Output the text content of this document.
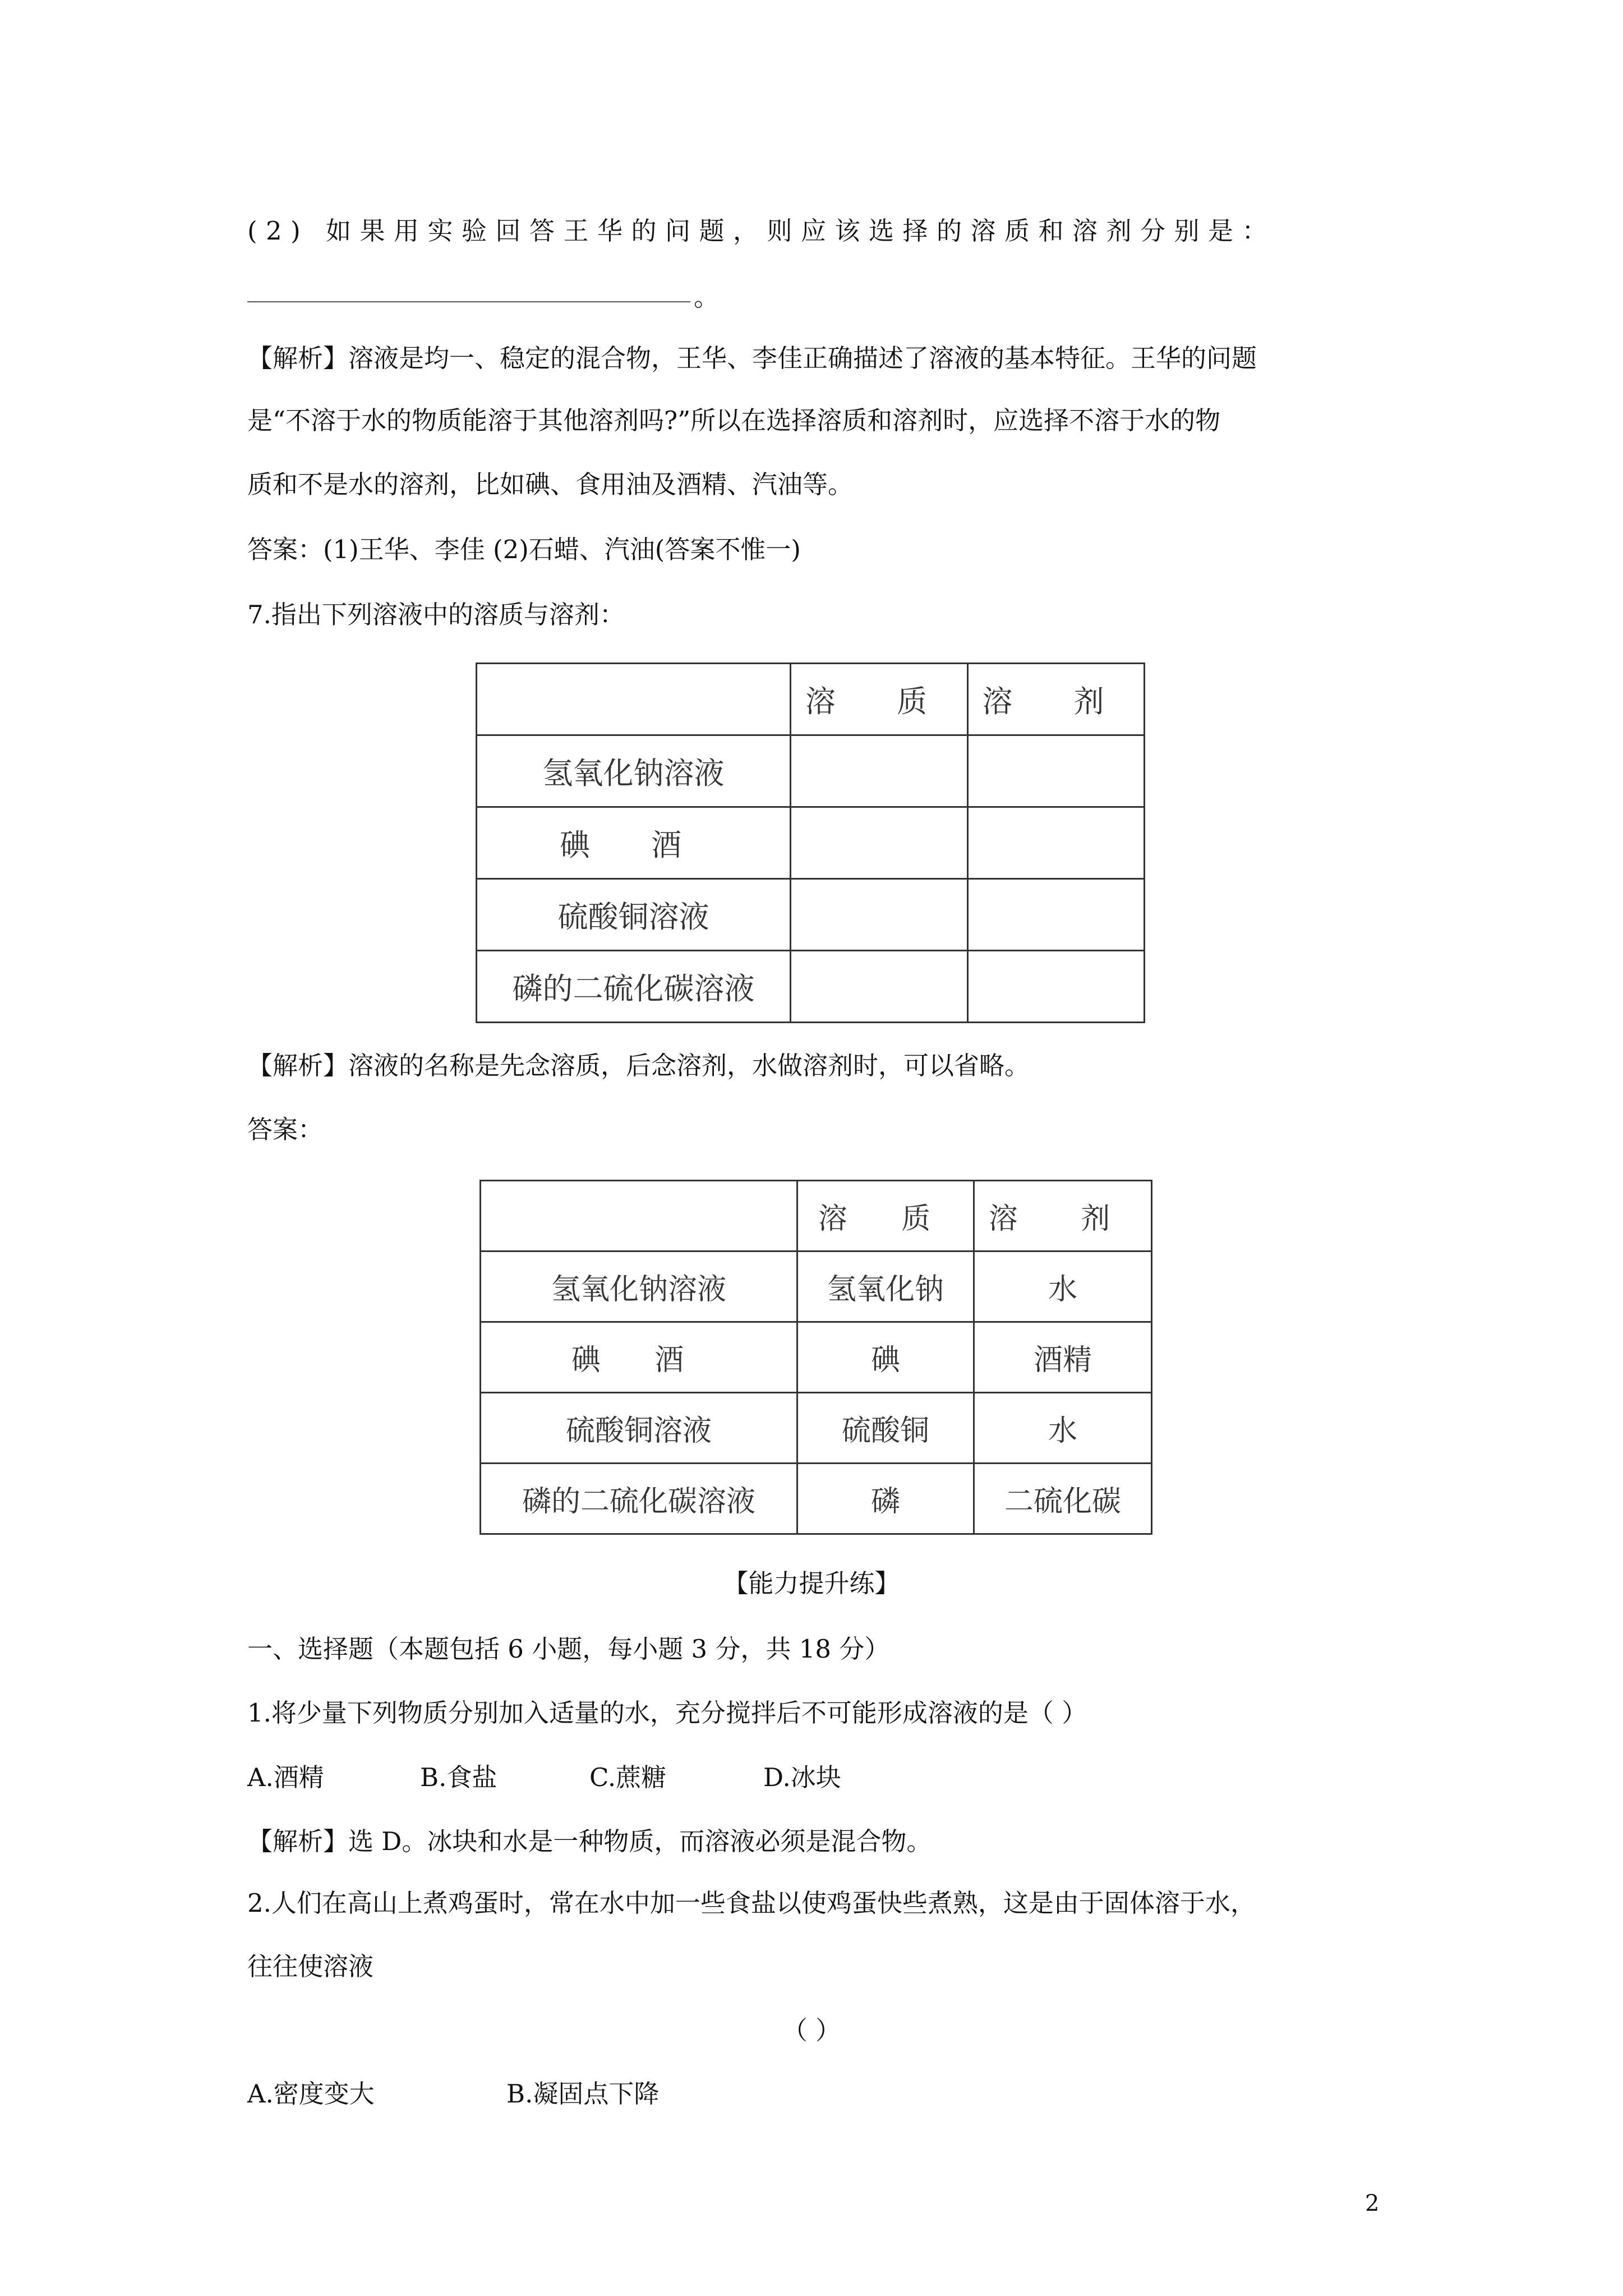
(2) 如果用实验回答王华的问题，则应该选择的溶质和溶剂分别是：
。
【解析】溶液是均一、稳定的混合物，王华、李佳正确描述了溶液的基本特征。王华的问题
是“不溶于水的物质能溶于其他溶剂吗?”所以在选择溶质和溶剂时，应选择不溶于水的物
质和不是水的溶剂，比如碘、食用油及酒精、汽油等。
答案：(1)王华、李佳 (2)石蜡、汽油(答案不惟一)
7.指出下列溶液中的溶质与溶剂：
	溶 质	溶 剂
氢氧化钠溶液		
碘 酒		
硫酸铜溶液		
磷的二硫化碳溶液		
【解析】溶液的名称是先念溶质，后念溶剂，水做溶剂时，可以省略。
答案：
	溶 质	溶 剂
氢氧化钠溶液	氢氧化钠	水
碘 酒	碘	酒精
硫酸铜溶液	硫酸铜	水
磷的二硫化碳溶液	磷	二硫化碳
【能力提升练】
一、选择题（本题包括 6 小题，每小题 3 分，共 18 分）
1.将少量下列物质分别加入适量的水，充分搅拌后不可能形成溶液的是（ ）
A.酒精	B.食盐	C.蔗糖	D.冰块
【解析】选 D。冰块和水是一种物质，而溶液必须是混合物。
2.人们在高山上煮鸡蛋时，常在水中加一些食盐以使鸡蛋快些煮熟，这是由于固体溶于水，
往往使溶液
（ ）
A.密度变大	B.凝固点下降
2
